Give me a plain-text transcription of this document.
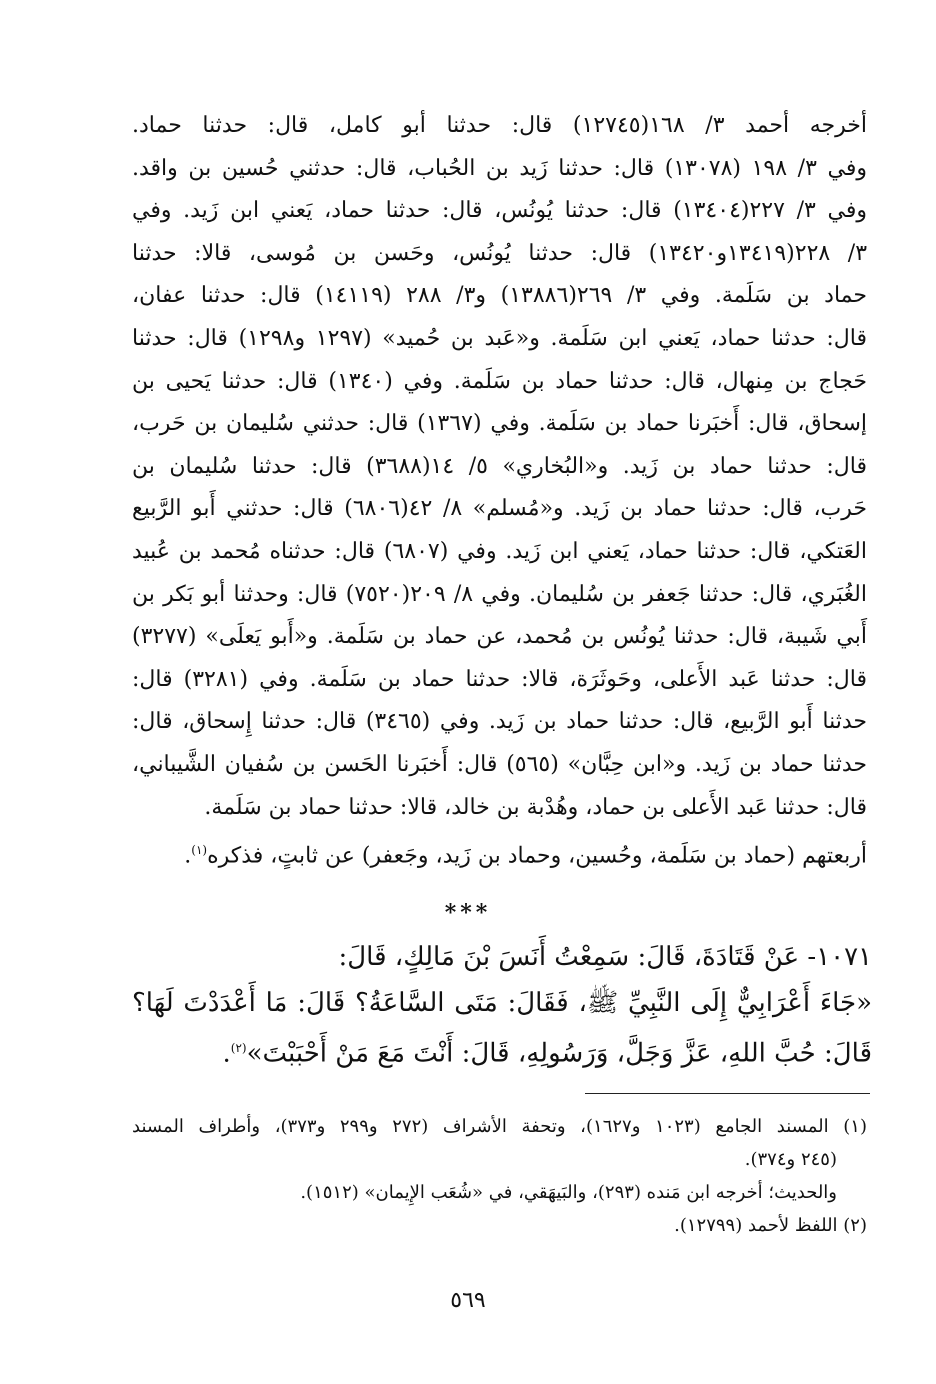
أخرجه أحمد ٣/ ١٦٨(١٢٧٤٥) قال: حدثنا أبو كامل، قال: حدثنا حماد.
وفي ٣/ ١٩٨ (١٣٠٧٨) قال: حدثنا زَيد بن الحُباب، قال: حدثني حُسين بن واقد.
وفي ٣/ ٢٢٧(١٣٤٠٤) قال: حدثنا يُونُس، قال: حدثنا حماد، يَعني ابن زَيد. وفي
٣/ ٢٢٨(١٣٤١٩و١٣٤٢٠) قال: حدثنا يُونُس، وحَسن بن مُوسى، قالا: حدثنا
حماد بن سَلَمة. وفي ٣/ ٢٦٩(١٣٨٨٦) و٣/ ٢٨٨ (١٤١١٩) قال: حدثنا عفان،
قال: حدثنا حماد، يَعني ابن سَلَمة. و«عَبد بن حُميد» (١٢٩٧ و١٢٩٨) قال: حدثنا
حَجاج بن مِنهال، قال: حدثنا حماد بن سَلَمة. وفي (١٣٤٠) قال: حدثنا يَحيى بن
إسحاق، قال: أَخبَرنا حماد بن سَلَمة. وفي (١٣٦٧) قال: حدثني سُليمان بن حَرب،
قال: حدثنا حماد بن زَيد. و«البُخاري» ٥/ ١٤(٣٦٨٨) قال: حدثنا سُليمان بن
حَرب، قال: حدثنا حماد بن زَيد. و«مُسلم» ٨/ ٤٢(٦٨٠٦) قال: حدثني أَبو الرَّبيع
العَتكي، قال: حدثنا حماد، يَعني ابن زَيد. وفي (٦٨٠٧) قال: حدثناه مُحمد بن عُبيد
الغُبَري، قال: حدثنا جَعفر بن سُليمان. وفي ٨/ ٢٠٩(٧٥٢٠) قال: وحدثنا أبو بَكر بن
أَبي شَيبة، قال: حدثنا يُونُس بن مُحمد، عن حماد بن سَلَمة. و«أَبو يَعلَى» (٣٢٧٧)
قال: حدثنا عَبد الأَعلى، وحَوثَرَة، قالا: حدثنا حماد بن سَلَمة. وفي (٣٢٨١) قال:
حدثنا أَبو الرَّبيع، قال: حدثنا حماد بن زَيد. وفي (٣٤٦٥) قال: حدثنا إِسحاق، قال:
حدثنا حماد بن زَيد. و«ابن حِبَّان» (٥٦٥) قال: أَخبَرنا الحَسن بن سُفيان الشَّيباني،
قال: حدثنا عَبد الأَعلى بن حماد، وهُدْبة بن خالد، قالا: حدثنا حماد بن سَلَمة.
أربعتهم (حماد بن سَلَمة، وحُسين، وحماد بن زَيد، وجَعفر) عن ثابتٍ، فذكره$^{(١)}$.
***
١٠٧١- عَنْ قَتَادَةَ، قَالَ: سَمِعْتُ أَنَسَ بْنَ مَالِكٍ، قَالَ:
«جَاءَ أَعْرَابِيٌّ إِلَى النَّبِيِّ ﷺ، فَقَالَ: مَتَى السَّاعَةُ؟ قَالَ: مَا أَعْدَدْتَ لَهَا؟
قَالَ: حُبَّ اللهِ، عَزَّ وَجَلَّ، وَرَسُولِهِ، قَالَ: أَنْتَ مَعَ مَنْ أَحْبَبْتَ»$^{(٢)}$.
(١) المسند الجامع (١٠٢٣ و١٦٢٧)، وتحفة الأشراف (٢٧٢ و٢٩٩ و٣٧٣)، وأطراف المسند
(٢٤٥ و٣٧٤).
والحديث؛ أخرجه ابن مَنده (٢٩٣)، والبَيهَقي، في «شُعَب الإِيمان» (١٥١٢).
(٢) اللفظ لأحمد (١٢٧٩٩).
٥٦٩
